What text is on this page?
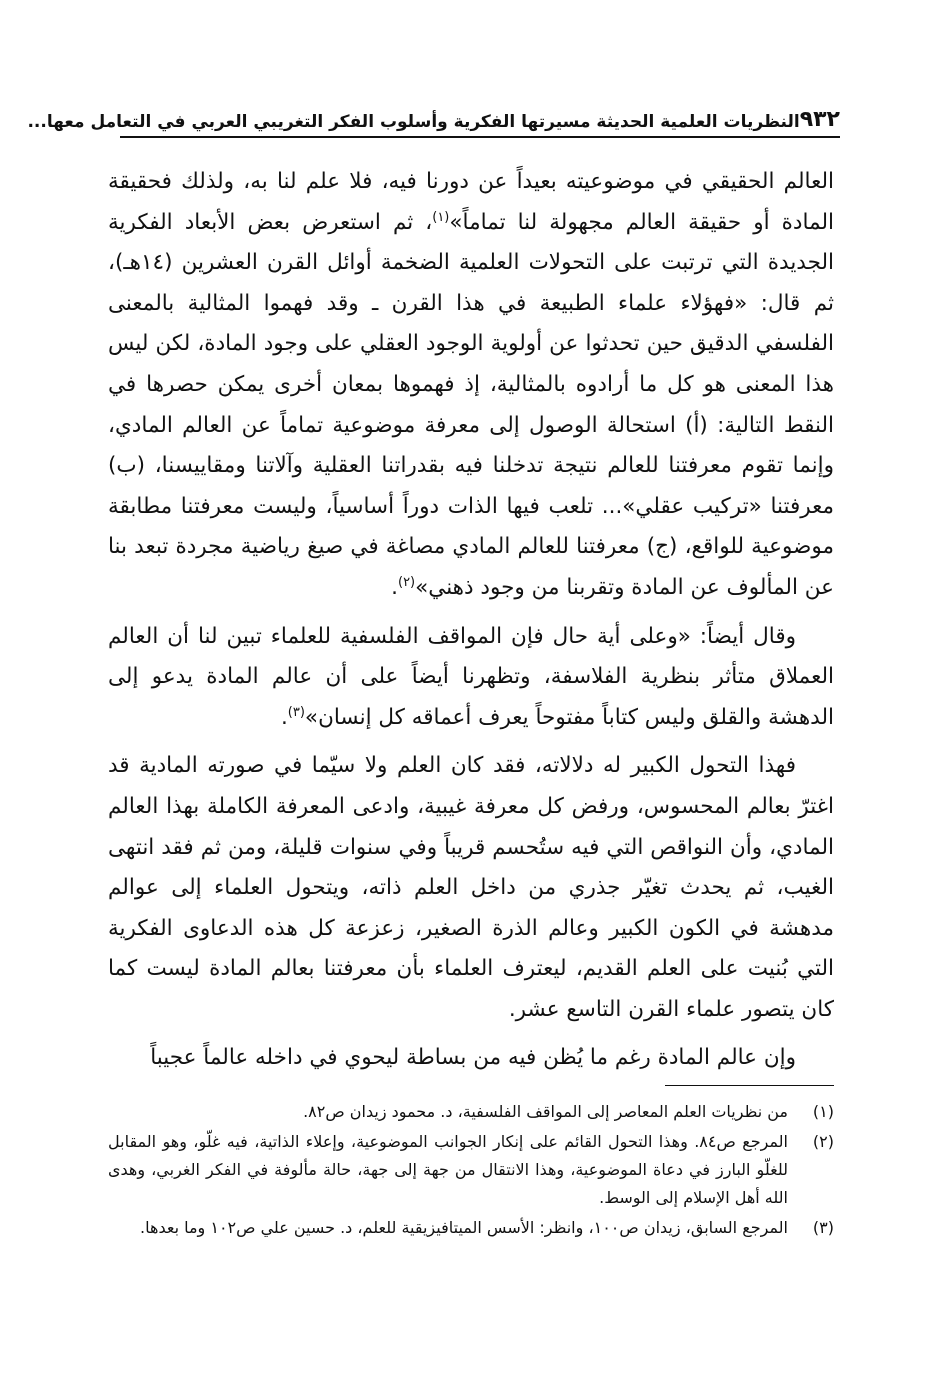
٩٣٢
النظريات العلمية الحديثة مسيرتها الفكرية وأسلوب الفكر التغريبي العربي في التعامل معها...

العالم الحقيقي في موضوعيته بعيداً عن دورنا فيه، فلا علم لنا به، ولذلك فحقيقة المادة أو حقيقة العالم مجهولة لنا تماماً»$^{(١)}$، ثم استعرض بعض الأبعاد الفكرية الجديدة التي ترتبت على التحولات العلمية الضخمة أوائل القرن العشرين (١٤هـ)، ثم قال: «فهؤلاء علماء الطبيعة في هذا القرن ـ وقد فهموا المثالية بالمعنى الفلسفي الدقيق حين تحدثوا عن أولوية الوجود العقلي على وجود المادة، لكن ليس هذا المعنى هو كل ما أرادوه بالمثالية، إذ فهموها بمعان أخرى يمكن حصرها في النقط التالية: (أ) استحالة الوصول إلى معرفة موضوعية تماماً عن العالم المادي، وإنما تقوم معرفتنا للعالم نتيجة تدخلنا فيه بقدراتنا العقلية وآلاتنا ومقاييسنا، (ب) معرفتنا «تركيب عقلي»... تلعب فيها الذات دوراً أساسياً، وليست معرفتنا مطابقة موضوعية للواقع، (ج) معرفتنا للعالم المادي مصاغة في صيغ رياضية مجردة تبعد بنا عن المألوف عن المادة وتقربنا من وجود ذهني»$^{(٢)}$.

وقال أيضاً: «وعلى أية حال فإن المواقف الفلسفية للعلماء تبين لنا أن العالم العملاق متأثر بنظرية الفلاسفة، وتظهرنا أيضاً على أن عالم المادة يدعو إلى الدهشة والقلق وليس كتاباً مفتوحاً يعرف أعماقه كل إنسان»$^{(٣)}$.

فهذا التحول الكبير له دلالاته، فقد كان العلم ولا سيّما في صورته المادية قد اغترّ بعالم المحسوس، ورفض كل معرفة غيبية، وادعى المعرفة الكاملة بهذا العالم المادي، وأن النواقص التي فيه ستُحسم قريباً وفي سنوات قليلة، ومن ثم فقد انتهى الغيب، ثم يحدث تغيّر جذري من داخل العلم ذاته، ويتحول العلماء إلى عوالم مدهشة في الكون الكبير وعالم الذرة الصغير، زعزعة كل هذه الدعاوى الفكرية التي بُنيت على العلم القديم، ليعترف العلماء بأن معرفتنا بعالم المادة ليست كما كان يتصور علماء القرن التاسع عشر.

وإن عالم المادة رغم ما يُظن فيه من بساطة ليحوي في داخله عالماً عجيباً

(١)
من نظريات العلم المعاصر إلى المواقف الفلسفية، د. محمود زيدان ص٨٢.
(٢)
المرجع ص٨٤. وهذا التحول القائم على إنكار الجوانب الموضوعية، وإعلاء الذاتية، فيه غلّو، وهو المقابل للغلّو البارز في دعاة الموضوعية، وهذا الانتقال من جهة إلى جهة، حالة مألوفة في الفكر الغربي، وهدى الله أهل الإسلام إلى الوسط.
(٣)
المرجع السابق، زيدان ص١٠٠، وانظر: الأسس الميتافيزيقية للعلم، د. حسين علي ص١٠٢ وما بعدها.
